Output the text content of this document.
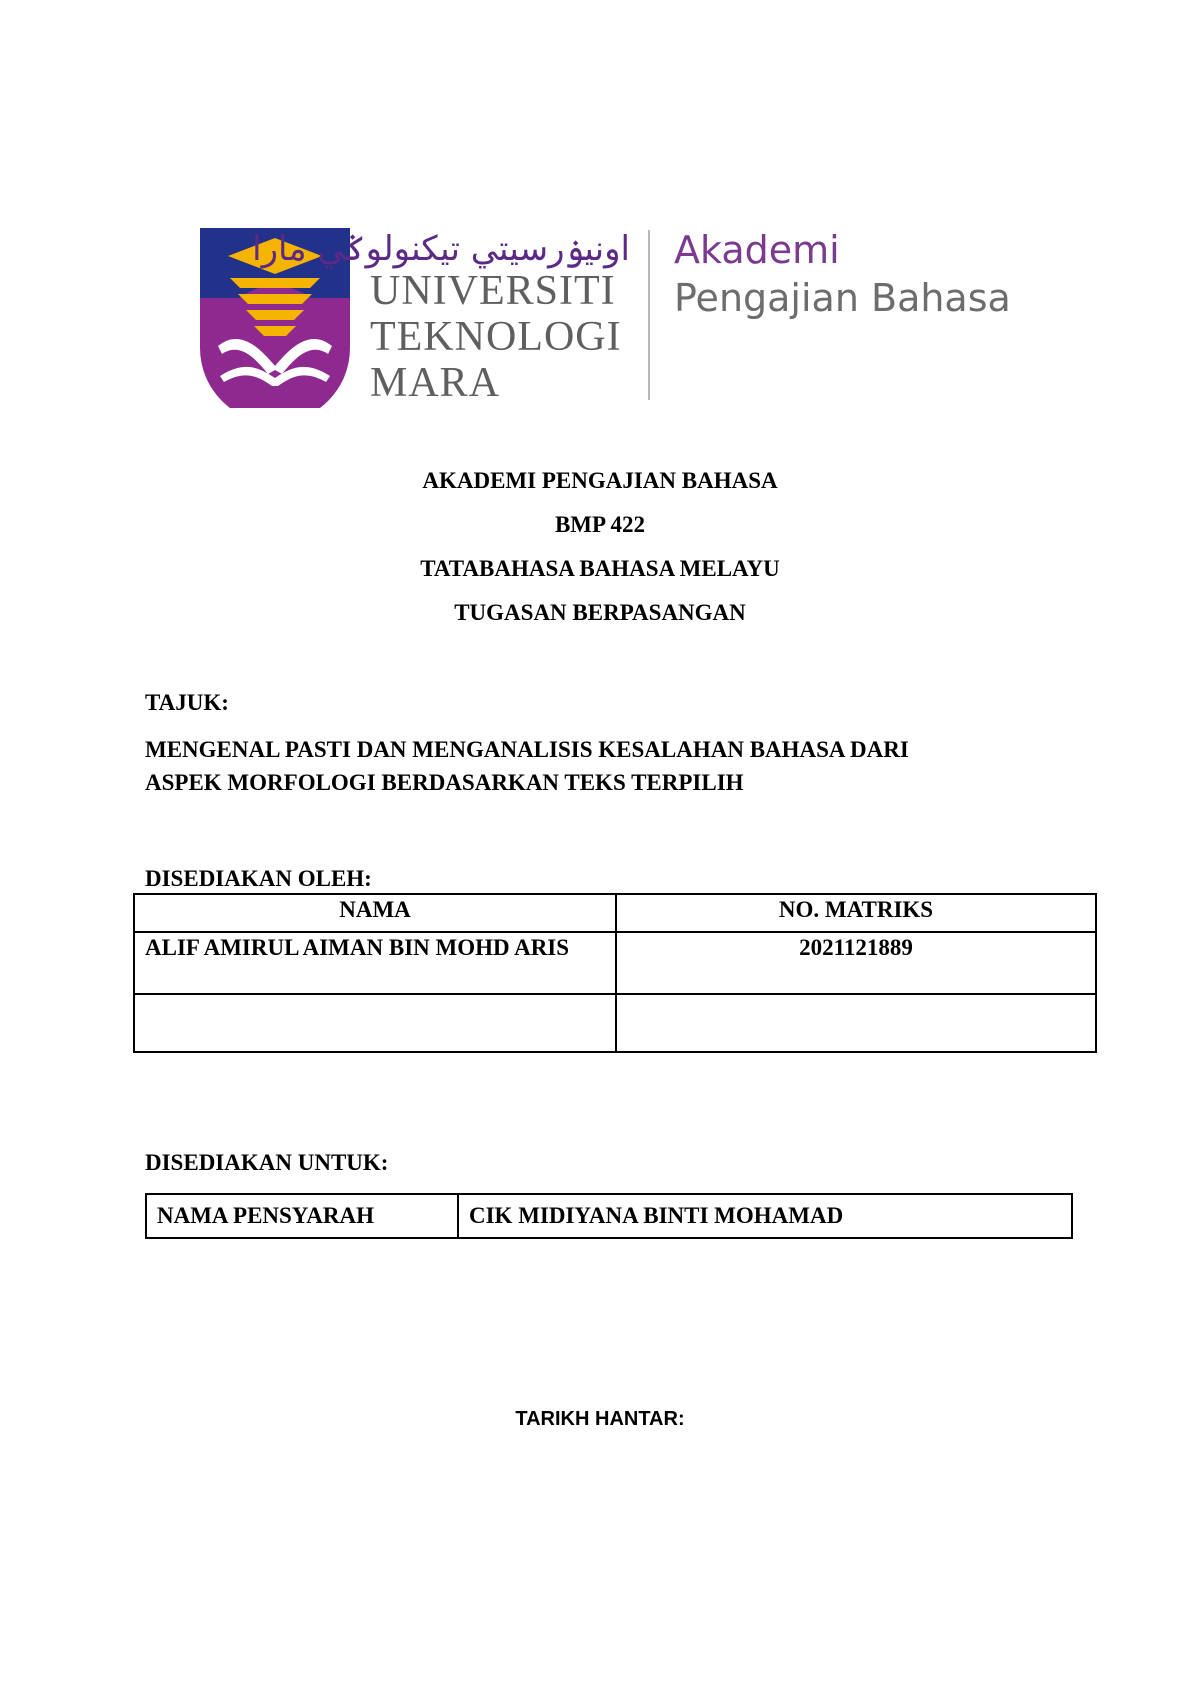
اونيۏرسيتي تيكنولوݢي مارا
UNIVERSITI
TEKNOLOGI
MARA
Akademi
Pengajian Bahasa
AKADEMI PENGAJIAN BAHASA
BMP 422
TATABAHASA BAHASA MELAYU
TUGASAN BERPASANGAN
TAJUK:
MENGENAL PASTI DAN MENGANALISIS KESALAHAN BAHASA DARI
ASPEK MORFOLOGI BERDASARKAN TEKS TERPILIH
DISEDIAKAN OLEH:
NAMA	NO. MATRIKS
ALIF AMIRUL AIMAN BIN MOHD ARIS	2021121889

DISEDIAKAN UNTUK:
NAMA PENSYARAH	CIK MIDIYANA BINTI MOHAMAD
TARIKH HANTAR:
